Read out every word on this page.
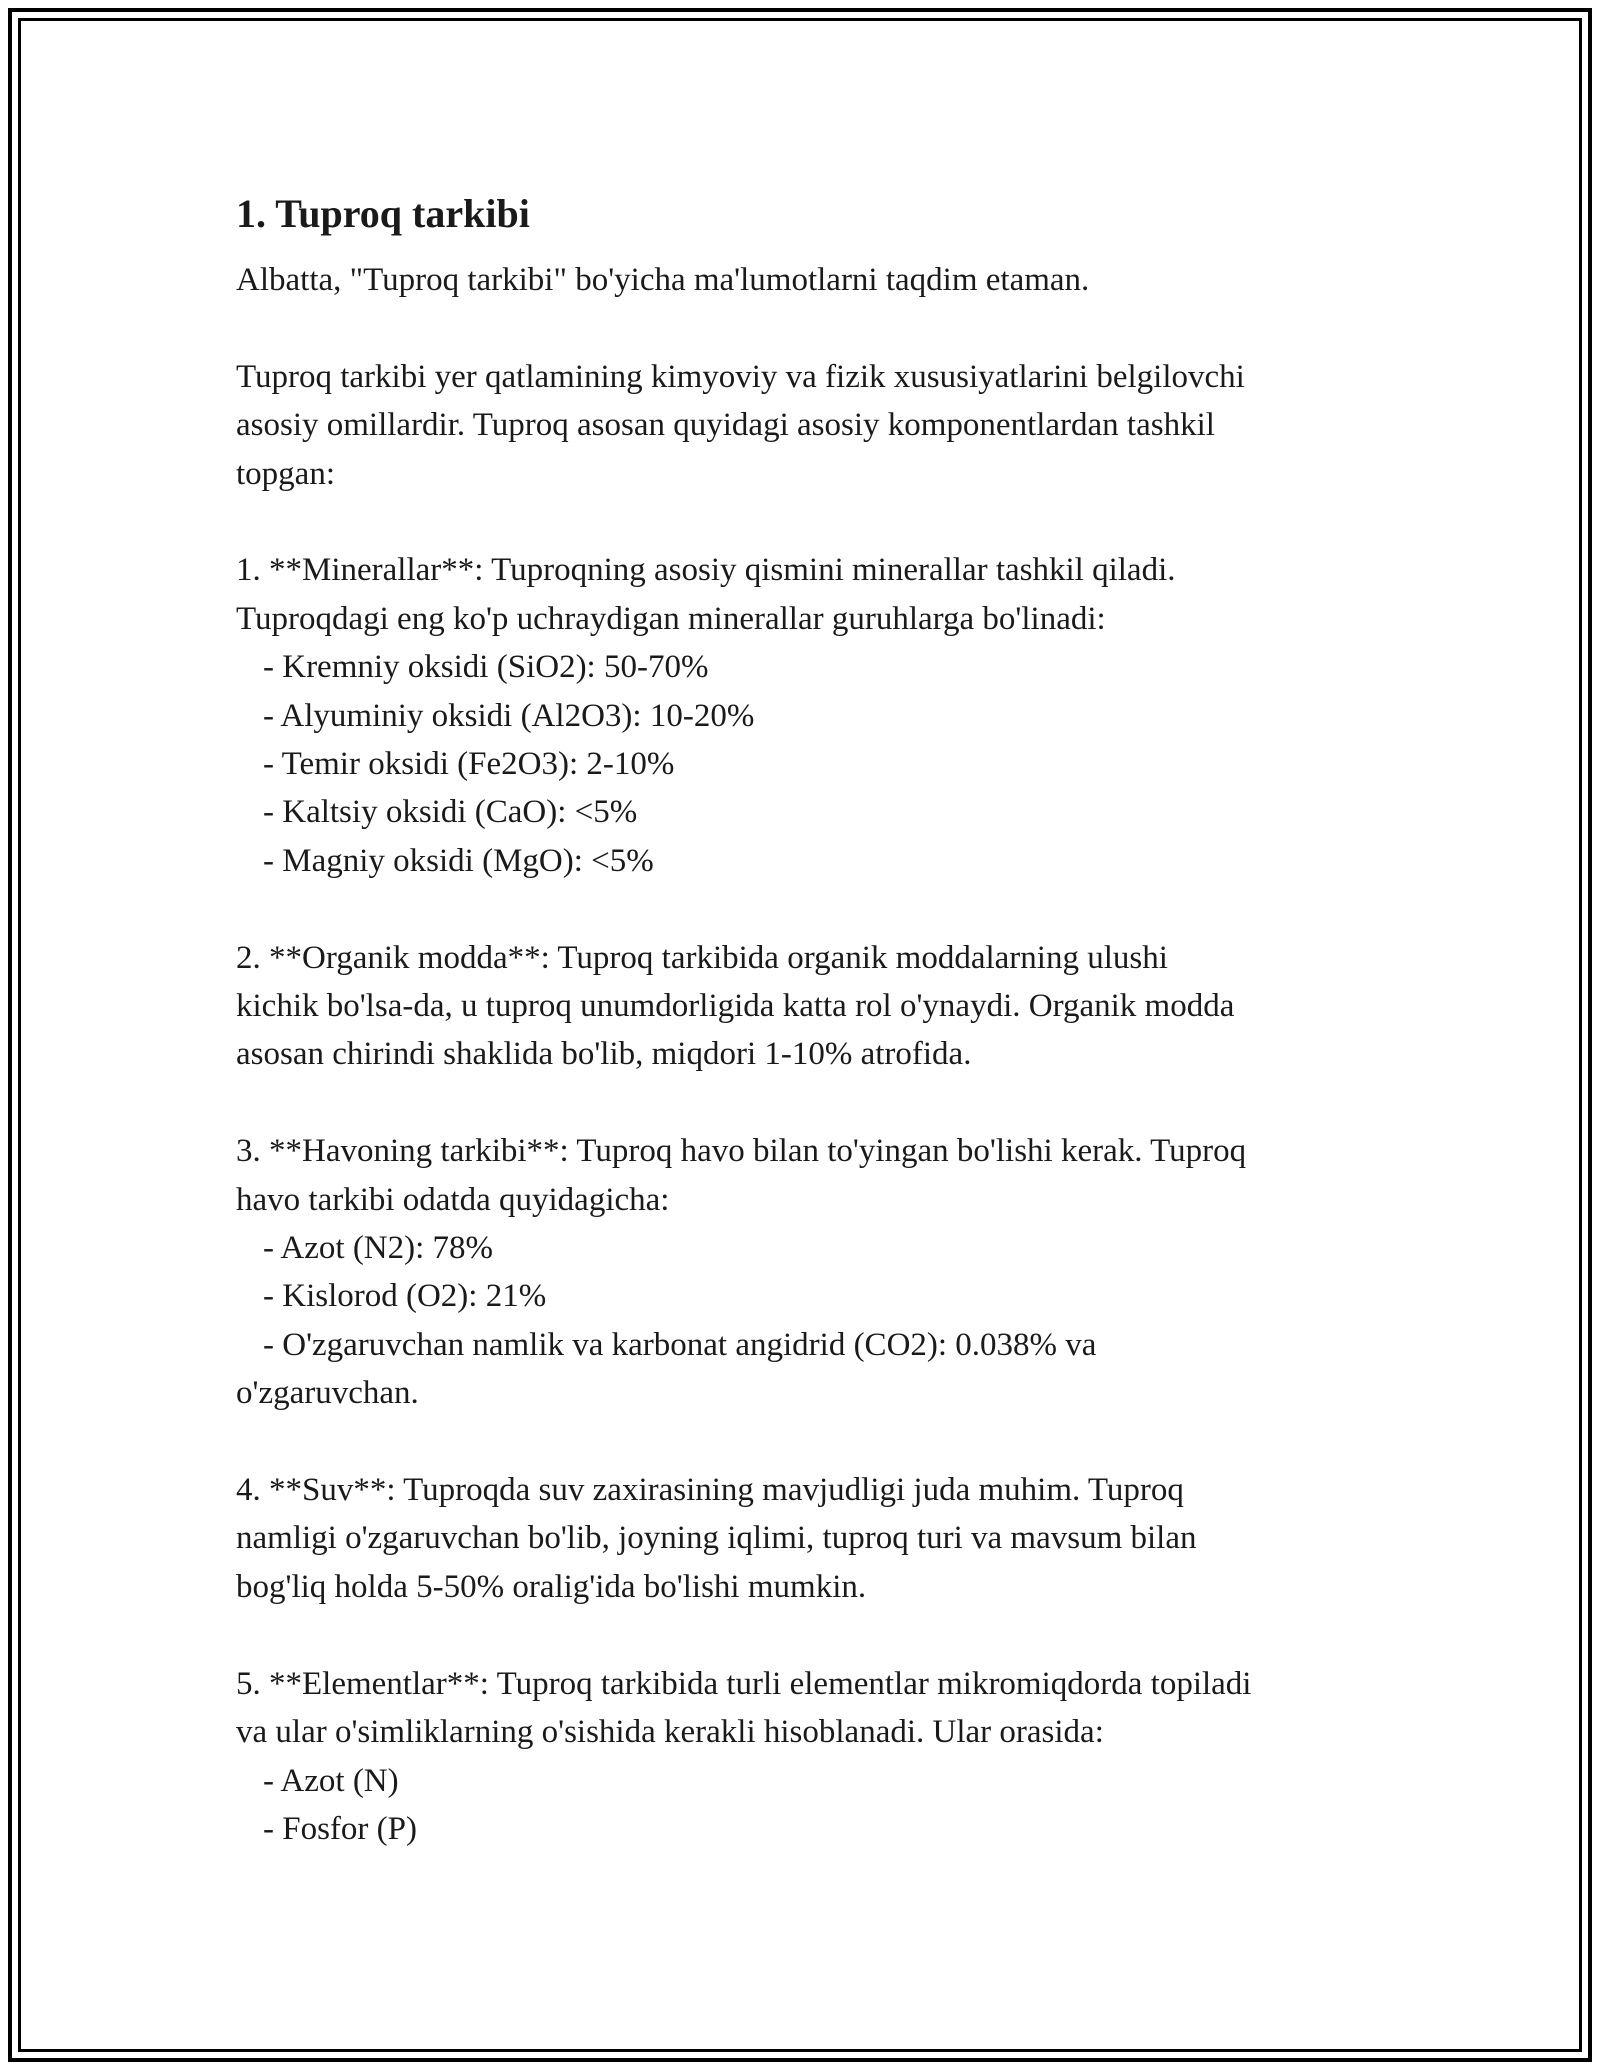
1. Tuproq tarkibi
Albatta, "Tuproq tarkibi" bo'yicha ma'lumotlarni taqdim etaman.
Tuproq tarkibi yer qatlamining kimyoviy va fizik xususiyatlarini belgilovchi
asosiy omillardir. Tuproq asosan quyidagi asosiy komponentlardan tashkil
topgan:
1. **Minerallar**: Tuproqning asosiy qismini minerallar tashkil qiladi.
Tuproqdagi eng ko'p uchraydigan minerallar guruhlarga bo'linadi:
- Kremniy oksidi (SiO2): 50-70%
- Alyuminiy oksidi (Al2O3): 10-20%
- Temir oksidi (Fe2O3): 2-10%
- Kaltsiy oksidi (CaO): <5%
- Magniy oksidi (MgO): <5%
2. **Organik modda**: Tuproq tarkibida organik moddalarning ulushi
kichik bo'lsa-da, u tuproq unumdorligida katta rol o'ynaydi. Organik modda
asosan chirindi shaklida bo'lib, miqdori 1-10% atrofida.
3. **Havoning tarkibi**: Tuproq havo bilan to'yingan bo'lishi kerak. Tuproq
havo tarkibi odatda quyidagicha:
- Azot (N2): 78%
- Kislorod (O2): 21%
- O'zgaruvchan namlik va karbonat angidrid (CO2): 0.038% va
o'zgaruvchan.
4. **Suv**: Tuproqda suv zaxirasining mavjudligi juda muhim. Tuproq
namligi o'zgaruvchan bo'lib, joyning iqlimi, tuproq turi va mavsum bilan
bog'liq holda 5-50% oralig'ida bo'lishi mumkin.
5. **Elementlar**: Tuproq tarkibida turli elementlar mikromiqdorda topiladi
va ular o'simliklarning o'sishida kerakli hisoblanadi. Ular orasida:
- Azot (N)
- Fosfor (P)
